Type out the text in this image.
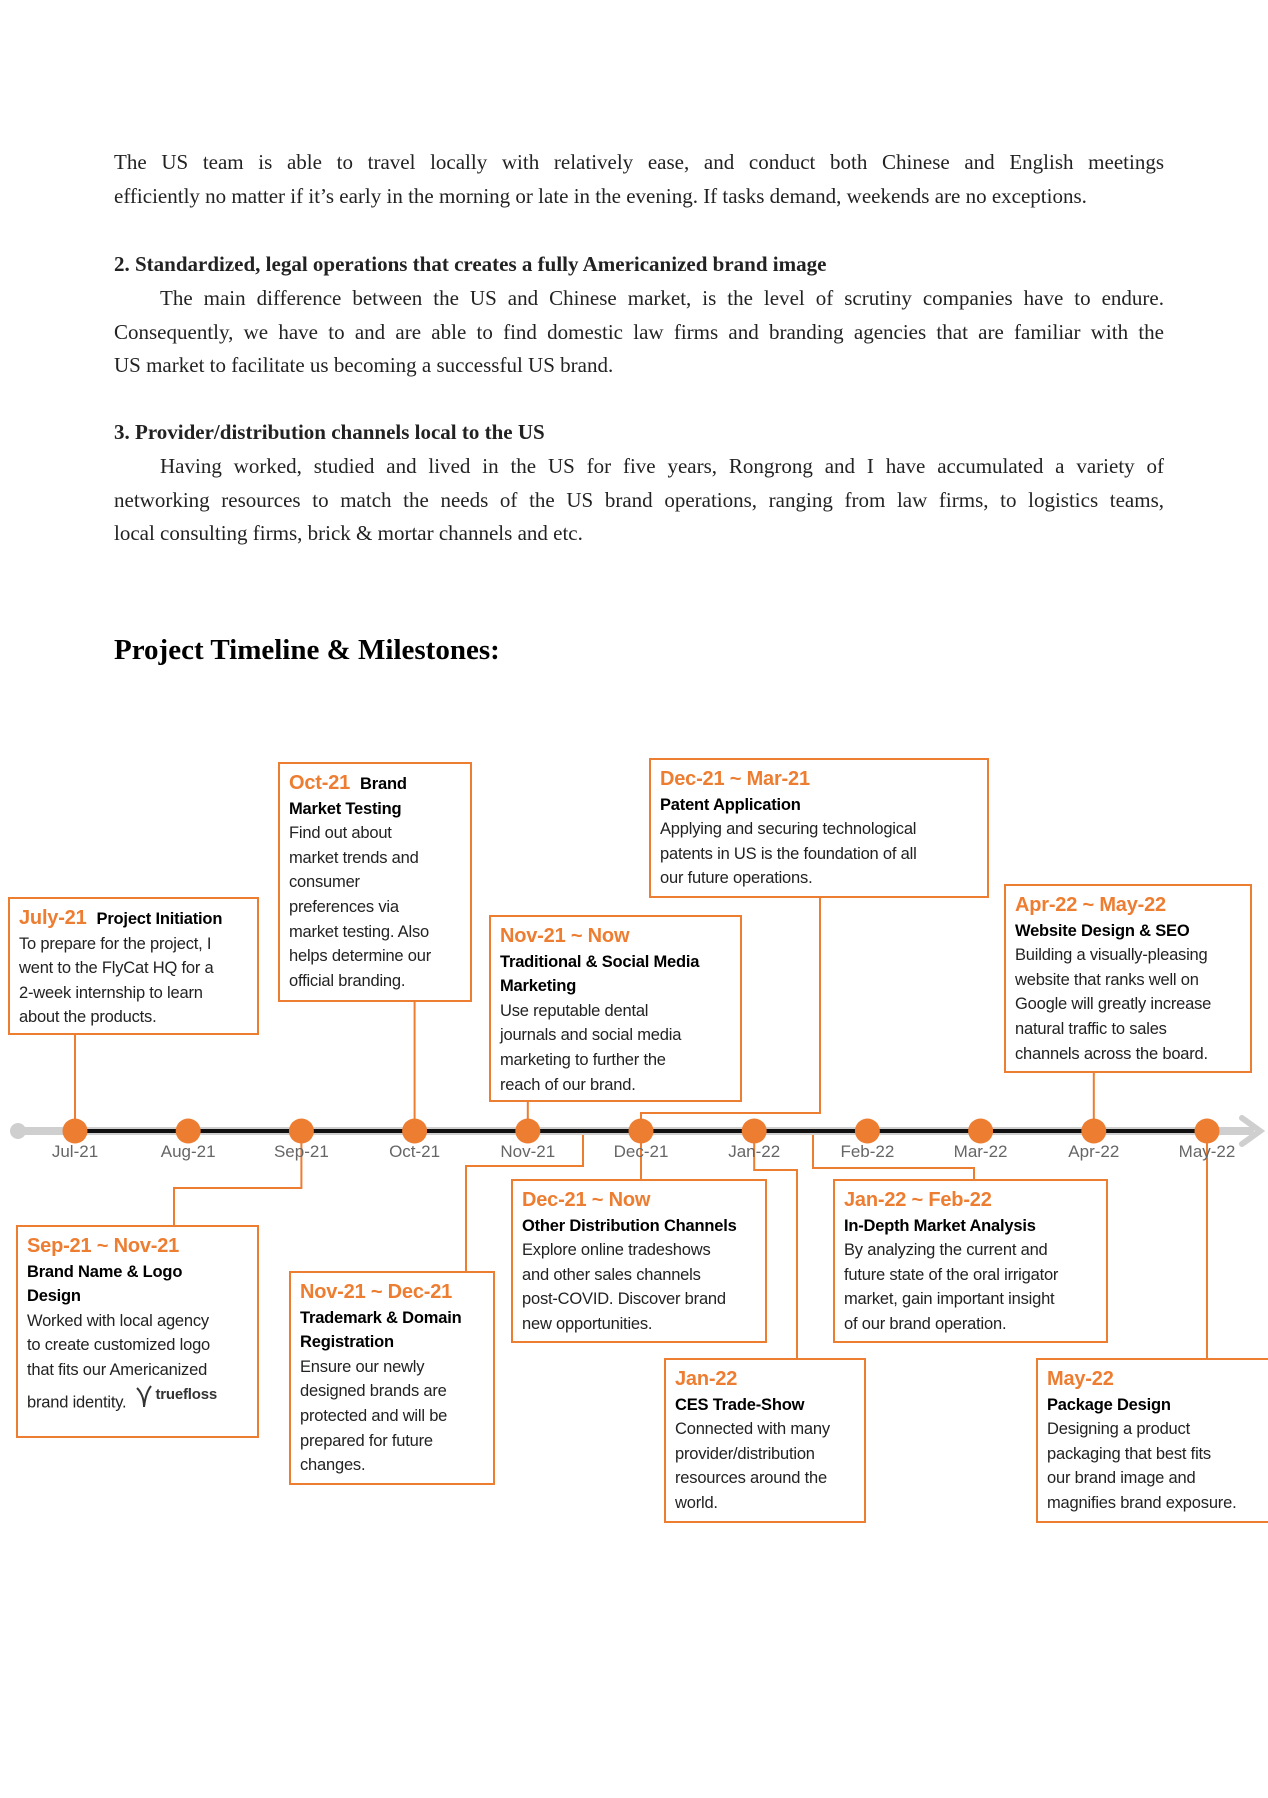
The US team is able to travel locally with relatively ease, and conduct both Chinese and English meetings
efficiently no matter if it’s early in the morning or late in the evening. If tasks demand, weekends are no exceptions.
2. Standardized, legal operations that creates a fully Americanized brand image
The main difference between the US and Chinese market, is the level of scrutiny companies have to endure.
Consequently, we have to and are able to find domestic law firms and branding agencies that are familiar with the
US market to facilitate us becoming a successful US brand.
3. Provider/distribution channels local to the US
Having worked, studied and lived in the US for five years, Rongrong and I have accumulated a variety of
networking resources to match the needs of the US brand operations, ranging from law firms, to logistics teams,
local consulting firms, brick & mortar channels and etc.
Project Timeline & Milestones:
Jul-21	Aug-21	Sep-21	Oct-21	Nov-21	Dec-21	Jan-22	Feb-22	Mar-22	Apr-22	May-22
July-21 Project Initiation
To prepare for the project, I
went to the FlyCat HQ for a
2-week internship to learn
about the products.
Oct-21 Brand
Market Testing
Find out about
market trends and
consumer
preferences via
market testing. Also
helps determine our
official branding.
Nov-21 ~ Now
Traditional & Social Media
Marketing
Use reputable dental
journals and social media
marketing to further the
reach of our brand.
Dec-21 ~ Mar-21
Patent Application
Applying and securing technological
patents in US is the foundation of all
our future operations.
Apr-22 ~ May-22
Website Design & SEO
Building a visually-pleasing
website that ranks well on
Google will greatly increase
natural traffic to sales
channels across the board.
Sep-21 ~ Nov-21
Brand Name & Logo
Design
Worked with local agency
to create customized logo
that fits our Americanized
brand identity. truefloss
Nov-21 ~ Dec-21
Trademark & Domain
Registration
Ensure our newly
designed brands are
protected and will be
prepared for future
changes.
Dec-21 ~ Now
Other Distribution Channels
Explore online tradeshows
and other sales channels
post-COVID. Discover brand
new opportunities.
Jan-22 ~ Feb-22
In-Depth Market Analysis
By analyzing the current and
future state of the oral irrigator
market, gain important insight
of our brand operation.
Jan-22
CES Trade-Show
Connected with many
provider/distribution
resources around the
world.
May-22
Package Design
Designing a product
packaging that best fits
our brand image and
magnifies brand exposure.
